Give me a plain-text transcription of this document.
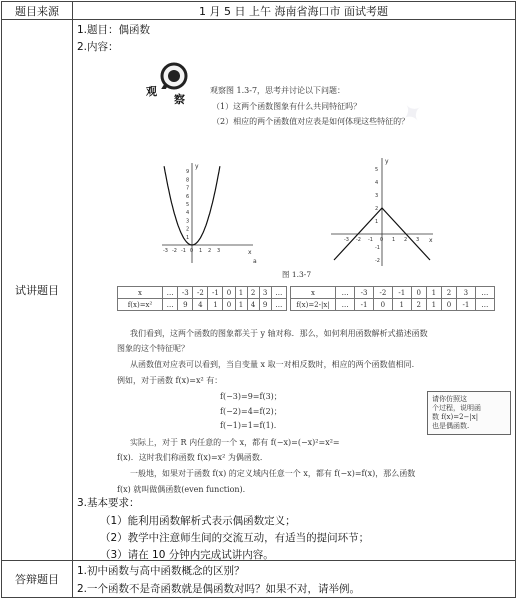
题目来源	1 月 5 日 上午 海南省海口市 面试考题
试讲题目
1.题目：偶函数
2.内容：
✦
观
察
观察图 1.3-7，思考并讨论以下问题：
（1）这两个函数图象有什么共同特征吗？
（2）相应的两个函数值对应表是如何体现这些特征的？
x
y
a
-3 -2 -1 0 1 2 3
1
2
3
4
5
6
7
8
9
x
y
-3 -2 -1 0 1 2 3
1
2
3
4
5
-1
-2
图 1.3-7
x	…	-3	-2	-1	0	1	2	3	…
f(x)=x²	…	9	4	1	0	1	4	9	…
x	…	-3	-2	-1	0	1	2	3	…
f(x)=2-|x|	…	-1	0	1	2	1	0	-1	…
我们看到，这两个函数的图象都关于 y 轴对称．那么，如何利用函数解析式描述函数
图象的这个特征呢？
从函数值对应表可以看到，当自变量 x 取一对相反数时，相应的两个函数值相同.
例如，对于函数 f(x)=x² 有：
f(−3)=9=f(3)；
f(−2)=4=f(2)；
f(−1)=1=f(1).
实际上，对于 R 内任意的一个 x，都有 f(−x)=(−x)²=x²=
f(x)．这时我们称函数 f(x)=x² 为偶函数．
一般地，如果对于函数 f(x) 的定义域内任意一个 x，都有 f(−x)=f(x)，那么函数
f(x) 就叫做偶函数(even function).
请你仿照这
个过程，说明函
数 f(x)=2−|x|
也是偶函数.
3.基本要求：
（1）能利用函数解析式表示偶函数定义；
（2）教学中注意师生间的交流互动，有适当的提问环节；
（3）请在 10 分钟内完成试讲内容。
答辩题目
1.初中函数与高中函数概念的区别？
2.一个函数不是奇函数就是偶函数对吗？如果不对，请举例。
